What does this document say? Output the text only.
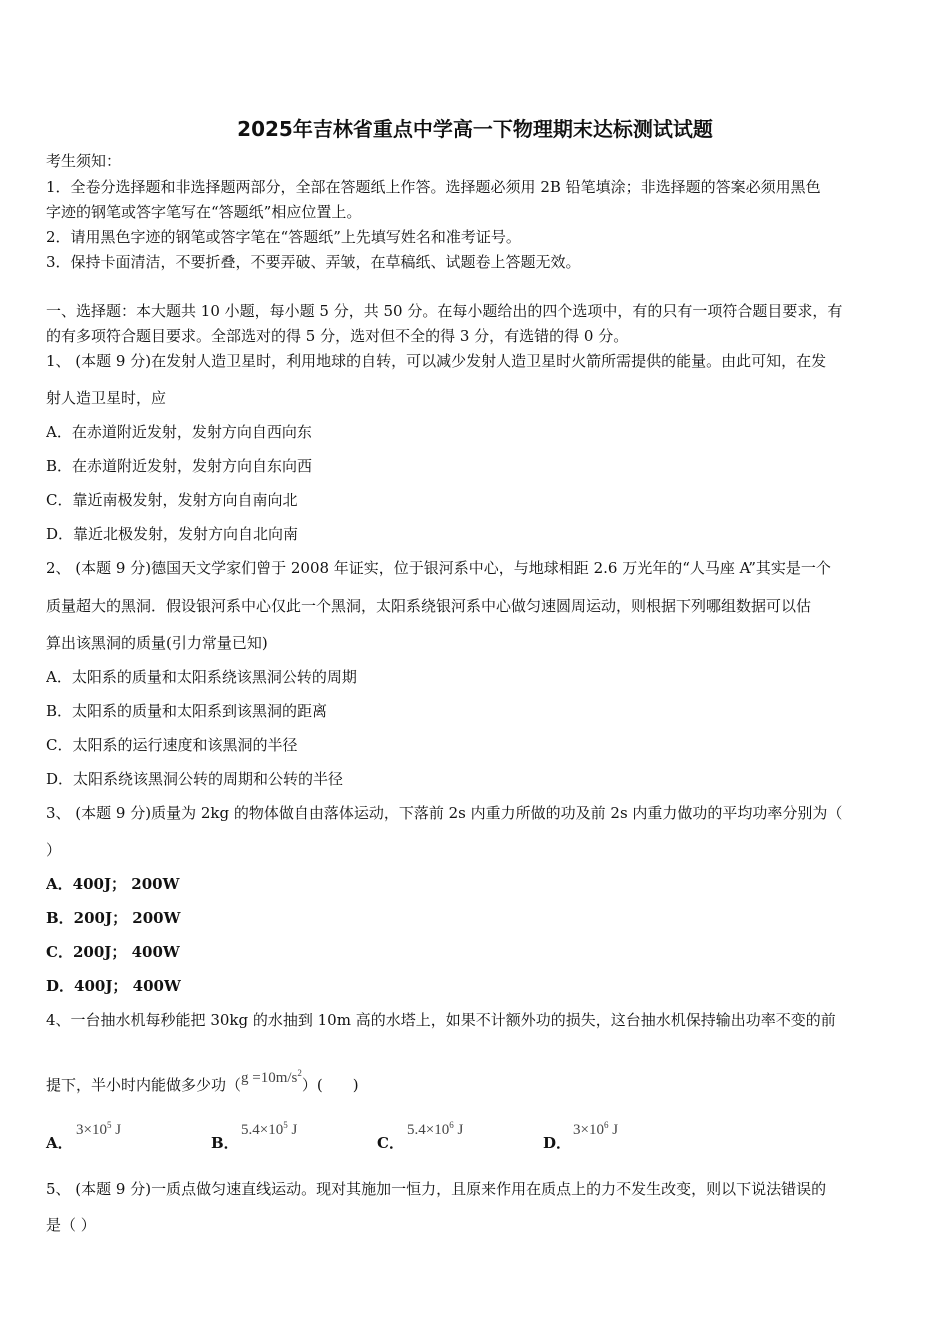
2025年吉林省重点中学高一下物理期末达标测试试题
考生须知：
1．全卷分选择题和非选择题两部分，全部在答题纸上作答。选择题必须用 2B 铅笔填涂；非选择题的答案必须用黑色
字迹的钢笔或答字笔写在“答题纸”相应位置上。
2．请用黑色字迹的钢笔或答字笔在“答题纸”上先填写姓名和准考证号。
3．保持卡面清洁，不要折叠，不要弄破、弄皱，在草稿纸、试题卷上答题无效。
一、选择题：本大题共 10 小题，每小题 5 分，共 50 分。在每小题给出的四个选项中，有的只有一项符合题目要求，有
的有多项符合题目要求。全部选对的得 5 分，选对但不全的得 3 分，有选错的得 0 分。
1、 (本题 9 分)在发射人造卫星时，利用地球的自转，可以减少发射人造卫星时火箭所需提供的能量。由此可知，在发
射人造卫星时，应
A．在赤道附近发射，发射方向自西向东
B．在赤道附近发射，发射方向自东向西
C．靠近南极发射，发射方向自南向北
D．靠近北极发射，发射方向自北向南
2、 (本题 9 分)德国天文学家们曾于 2008 年证实，位于银河系中心，与地球相距 2.6 万光年的“人马座 A”其实是一个
质量超大的黑洞．假设银河系中心仅此一个黑洞，太阳系绕银河系中心做匀速圆周运动，则根据下列哪组数据可以估
算出该黑洞的质量(引力常量已知)
A．太阳系的质量和太阳系绕该黑洞公转的周期
B．太阳系的质量和太阳系到该黑洞的距离
C．太阳系的运行速度和该黑洞的半径
D．太阳系绕该黑洞公转的周期和公转的半径
3、 (本题 9 分)质量为 2kg 的物体做自由落体运动，下落前 2s 内重力所做的功及前 2s 内重力做功的平均功率分别为（
）
A．400J； 200W
B．200J； 200W
C．200J； 400W
D．400J； 400W
4、一台抽水机每秒能把 30kg 的水抽到 10m 高的水塔上，如果不计额外功的损失，这台抽水机保持输出功率不变的前
提下，半小时内能做多少功$(g =10m/s^2)$(　　)
A．
$3\times 10^5$ J
B．
$5.4\times 10^5$ J
C．
$5.4\times 10^6$ J
D．
$3\times 10^6$ J
5、 (本题 9 分)一质点做匀速直线运动。现对其施加一恒力，且原来作用在质点上的力不发生改变，则以下说法错误的
是（ ）
